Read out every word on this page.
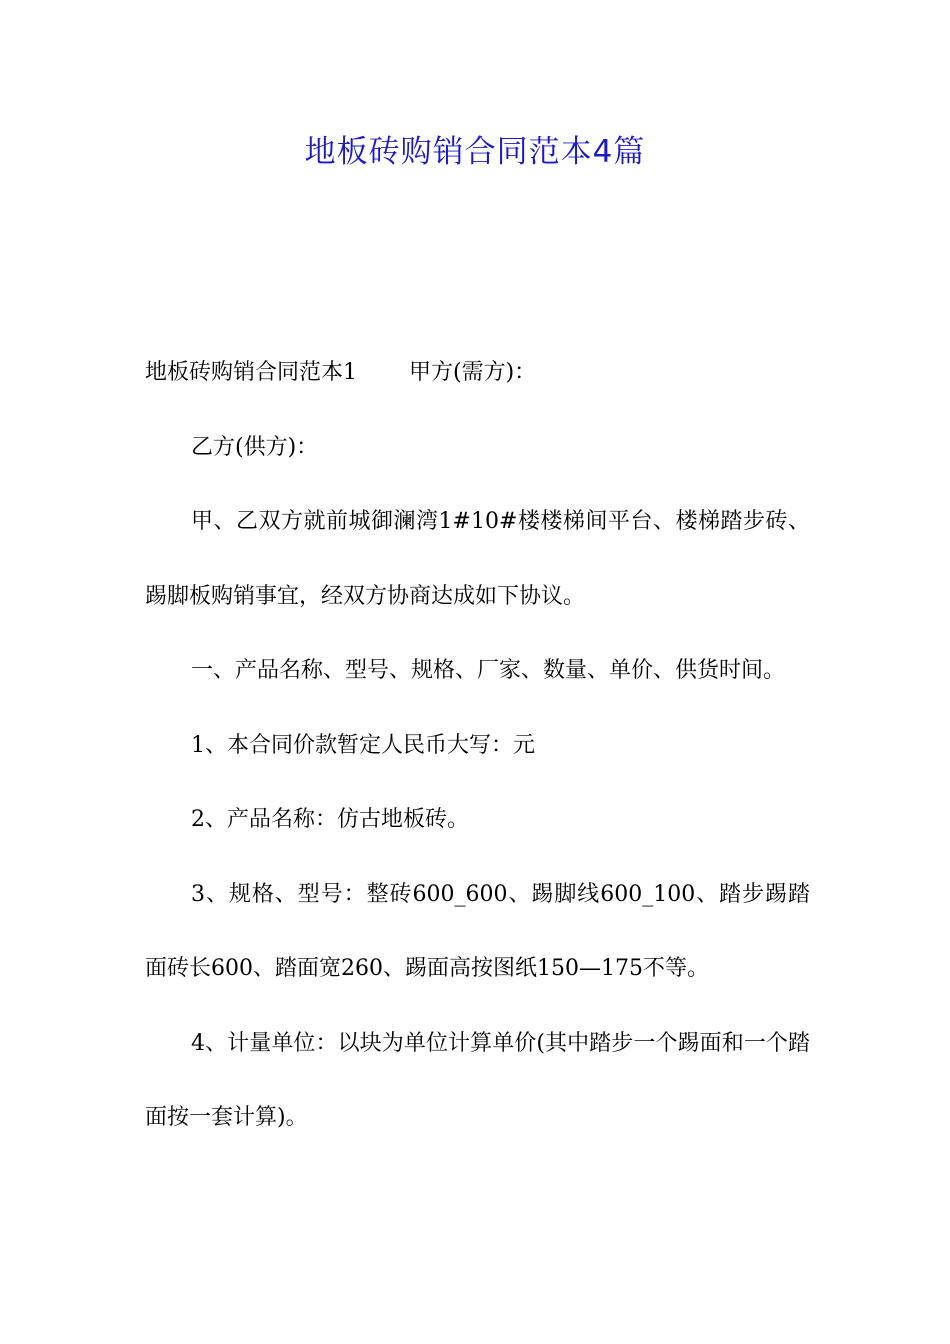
地板砖购销合同范本4篇

地板砖购销合同范本1 甲方(需方)：

乙方(供方)：

甲、乙双方就前城御澜湾1#10#楼楼梯间平台、楼梯踏步砖、踢脚板购销事宜，经双方协商达成如下协议。

一、产品名称、型号、规格、厂家、数量、单价、供货时间。

1、本合同价款暂定人民币大写：元

2、产品名称：仿古地板砖。

3、规格、型号：整砖600_600、踢脚线600_100、踏步踢踏面砖长600、踏面宽260、踢面高按图纸150—175不等。

4、计量单位：以块为单位计算单价(其中踏步一个踢面和一个踏面按一套计算)。
